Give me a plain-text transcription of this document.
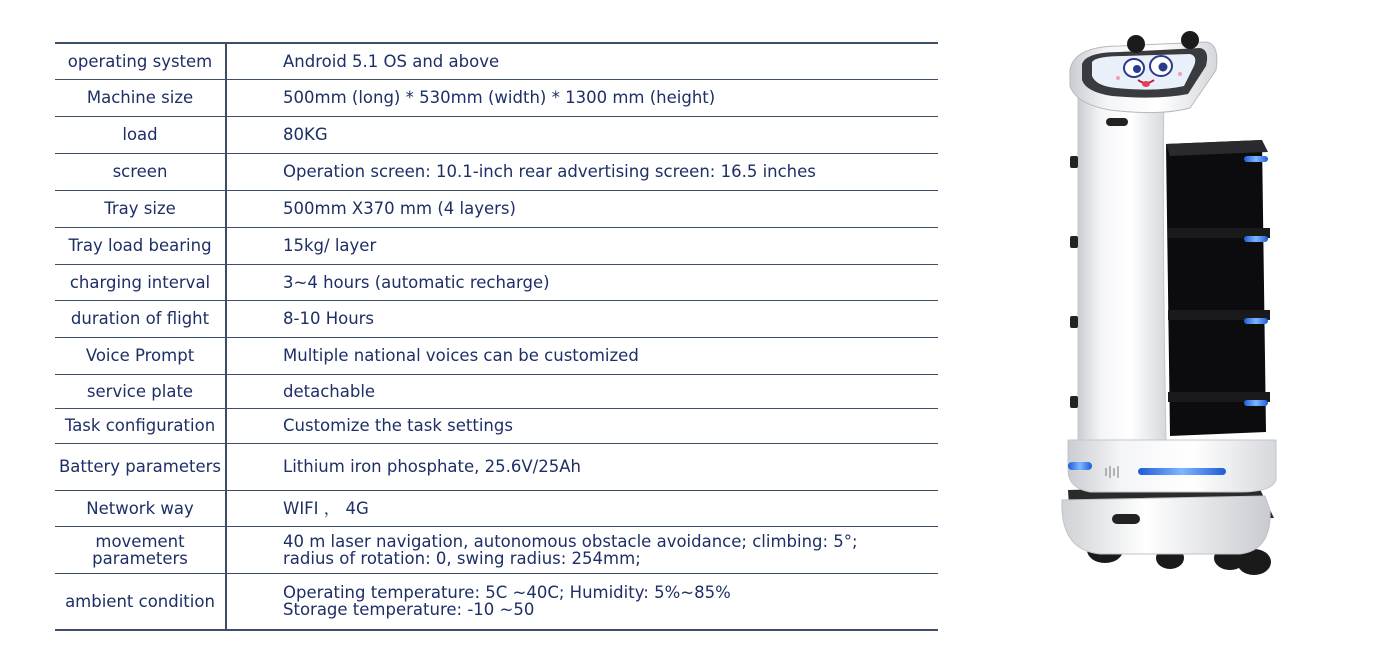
operating system	Android 5.1 OS and above
Machine size	500mm (long) * 530mm (width) * 1300 mm (height)
load	80KG
screen	Operation screen: 10.1-inch rear advertising screen: 16.5 inches
Tray size	500mm X370 mm (4 layers)
Tray load bearing	15kg/ layer
charging interval	3~4 hours (automatic recharge)
duration of flight	8-10 Hours
Voice Prompt	Multiple national voices can be customized
service plate	detachable
Task configuration	Customize the task settings
Battery parameters	Lithium iron phosphate, 25.6V/25Ah
Network way	WIFI ， 4G
movement parameters	40 m laser navigation, autonomous obstacle avoidance; climbing: 5°;
radius of rotation: 0, swing radius: 254mm;
ambient condition	Operating temperature: 5C ~40C; Humidity: 5%~85%
Storage temperature: -10 ~50
